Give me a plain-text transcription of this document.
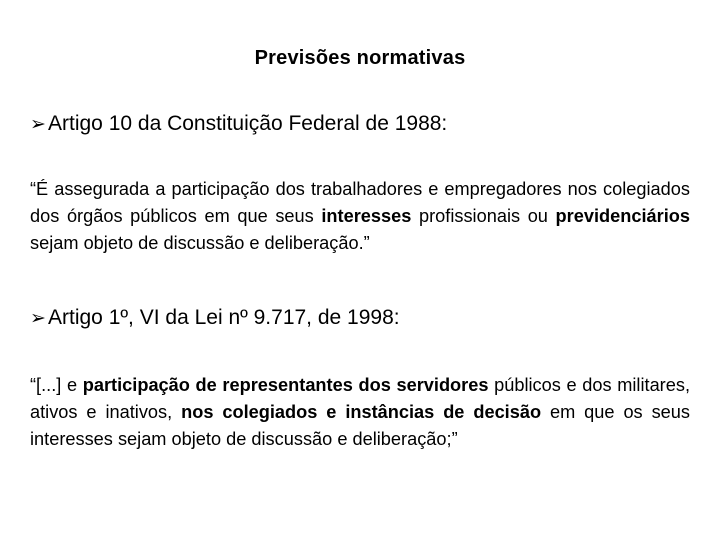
Previsões normativas
➢Artigo 10 da Constituição Federal de 1988:
“É assegurada a participação dos trabalhadores e empregadores nos colegiados dos órgãos públicos em que seus interesses profissionais ou previdenciários sejam objeto de discussão e deliberação.”
➢Artigo 1º, VI da Lei nº 9.717, de 1998:
“[...] e participação de representantes dos servidores públicos e dos militares, ativos e inativos, nos colegiados e instâncias de decisão em que os seus interesses sejam objeto de discussão e deliberação;”
